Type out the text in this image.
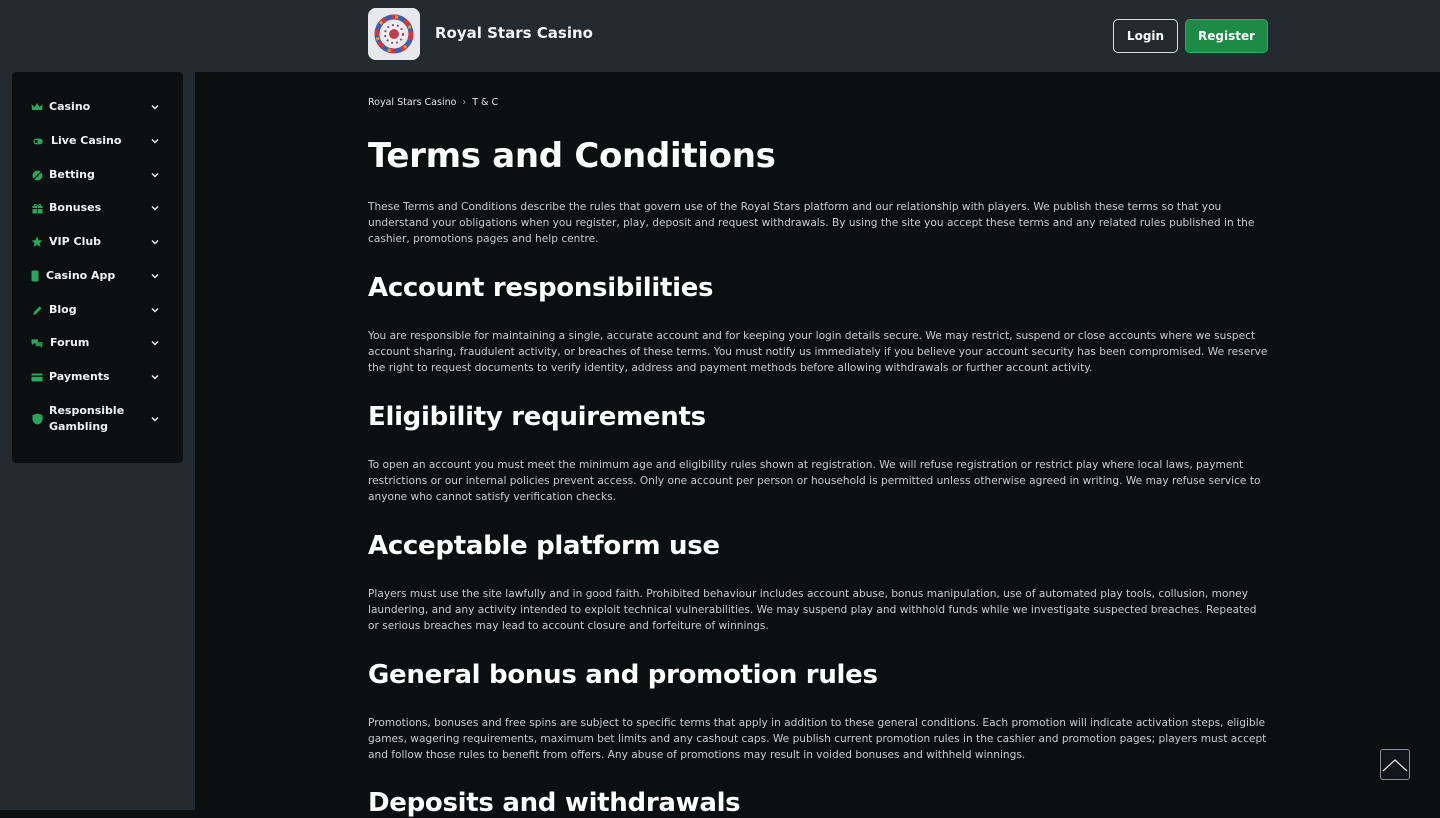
Royal Stars Casino	Login	Register
Casino
Live Casino
Betting
Bonuses
VIP Club
Casino App
Blog
Forum
Payments
Responsible Gambling
Royal Stars Casino › T & C
Terms and Conditions

These Terms and Conditions describe the rules that govern use of the Royal Stars platform and our relationship with players. We publish these terms so that you understand your obligations when you register, play, deposit and request withdrawals. By using the site you accept these terms and any related rules published in the cashier, promotions pages and help centre.

Account responsibilities

You are responsible for maintaining a single, accurate account and for keeping your login details secure. We may restrict, suspend or close accounts where we suspect account sharing, fraudulent activity, or breaches of these terms. You must notify us immediately if you believe your account security has been compromised. We reserve the right to request documents to verify identity, address and payment methods before allowing withdrawals or further account activity.

Eligibility requirements

To open an account you must meet the minimum age and eligibility rules shown at registration. We will refuse registration or restrict play where local laws, payment restrictions or our internal policies prevent access. Only one account per person or household is permitted unless otherwise agreed in writing. We may refuse service to anyone who cannot satisfy verification checks.

Acceptable platform use

Players must use the site lawfully and in good faith. Prohibited behaviour includes account abuse, bonus manipulation, use of automated play tools, collusion, money laundering, and any activity intended to exploit technical vulnerabilities. We may suspend play and withhold funds while we investigate suspected breaches. Repeated or serious breaches may lead to account closure and forfeiture of winnings.

General bonus and promotion rules

Promotions, bonuses and free spins are subject to specific terms that apply in addition to these general conditions. Each promotion will indicate activation steps, eligible games, wagering requirements, maximum bet limits and any cashout caps. We publish current promotion rules in the cashier and promotion pages; players must accept and follow those rules to benefit from offers. Any abuse of promotions may result in voided bonuses and withheld winnings.

Deposits and withdrawals
